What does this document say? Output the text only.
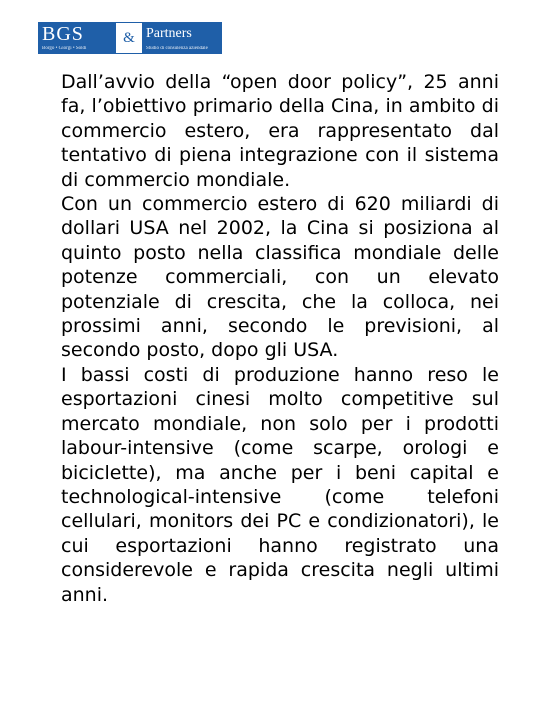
BGS
Borgo • Giorgi • Soldi
& Partners
Studio di consulenza aziendale

Dall’avvio della “open door policy”, 25 anni fa, l’obiettivo primario della Cina, in ambito di commercio estero, era rappresentato dal tentativo di piena integrazione con il sistema di commercio mondiale.

Con un commercio estero di 620 miliardi di dollari USA nel 2002, la Cina si posiziona al quinto posto nella classifica mondiale delle potenze commerciali, con un elevato potenziale di crescita, che la colloca, nei prossimi anni, secondo le previsioni, al secondo posto, dopo gli USA.

I bassi costi di produzione hanno reso le esportazioni cinesi molto competitive sul mercato mondiale, non solo per i prodotti labour-intensive (come scarpe, orologi e biciclette), ma anche per i beni capital e technological-intensive (come telefoni cellulari, monitors dei PC e condizionatori), le cui esportazioni hanno registrato una considerevole e rapida crescita negli ultimi anni.
